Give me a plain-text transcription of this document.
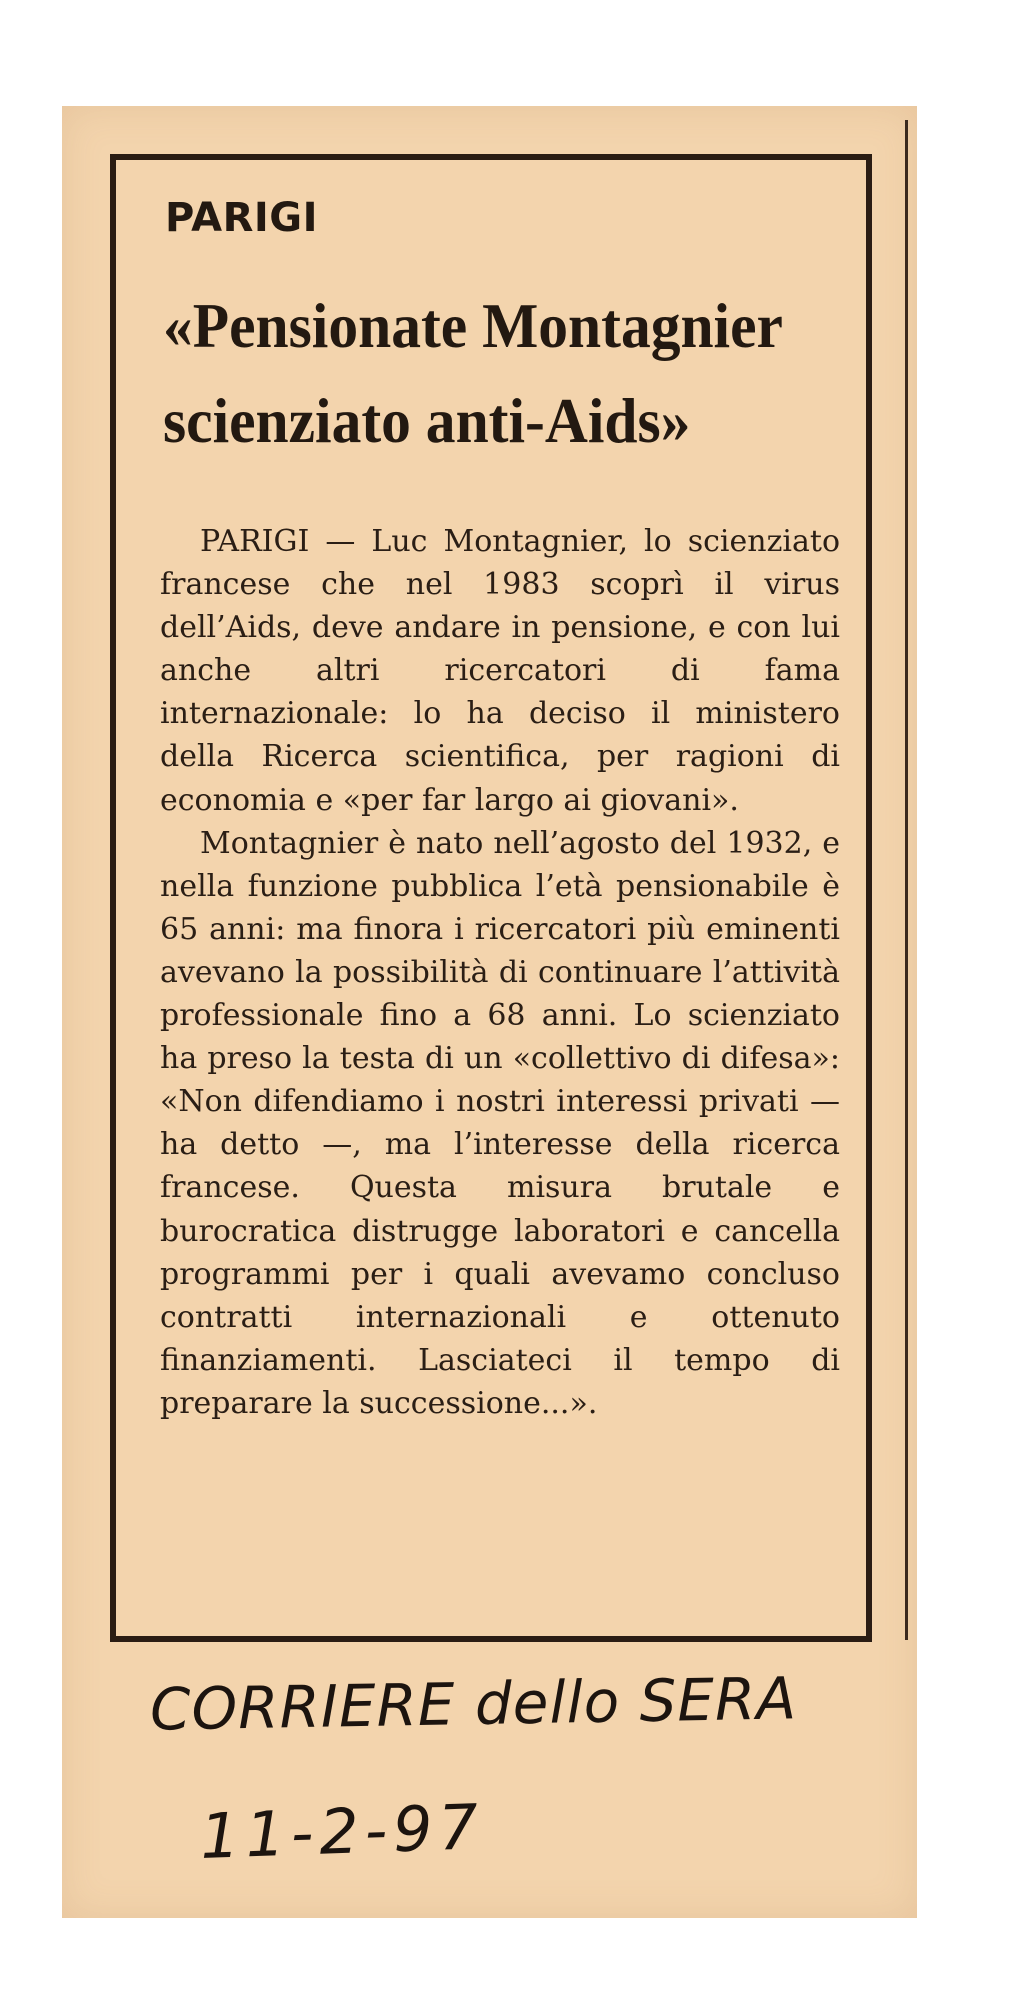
PARIGI
«Pensionate Montagnier
scienziato anti-Aids»

PARIGI — Luc Montagnier, lo scienziato francese che nel 1983 scoprì il virus dell’Aids, deve andare in pensione, e con lui anche altri ricercatori di fama internazionale: lo ha deciso il ministero della Ricerca scientifica, per ragioni di economia e «per far largo ai giovani».

Montagnier è nato nell’agosto del 1932, e nella funzione pubblica l’età pensionabile è 65 anni: ma finora i ricercatori più eminenti avevano la possibilità di continuare l’attività professionale fino a 68 anni. Lo scienziato ha preso la testa di un «collettivo di difesa»: «Non difendiamo i nostri interessi privati — ha detto —, ma l’interesse della ricerca francese. Questa misura brutale e burocratica distrugge laboratori e cancella programmi per i quali avevamo concluso contratti internazionali e ottenuto finanziamenti. Lasciateci il tempo di preparare la successione...».

CORRIERE dello SERA
11-2-97
